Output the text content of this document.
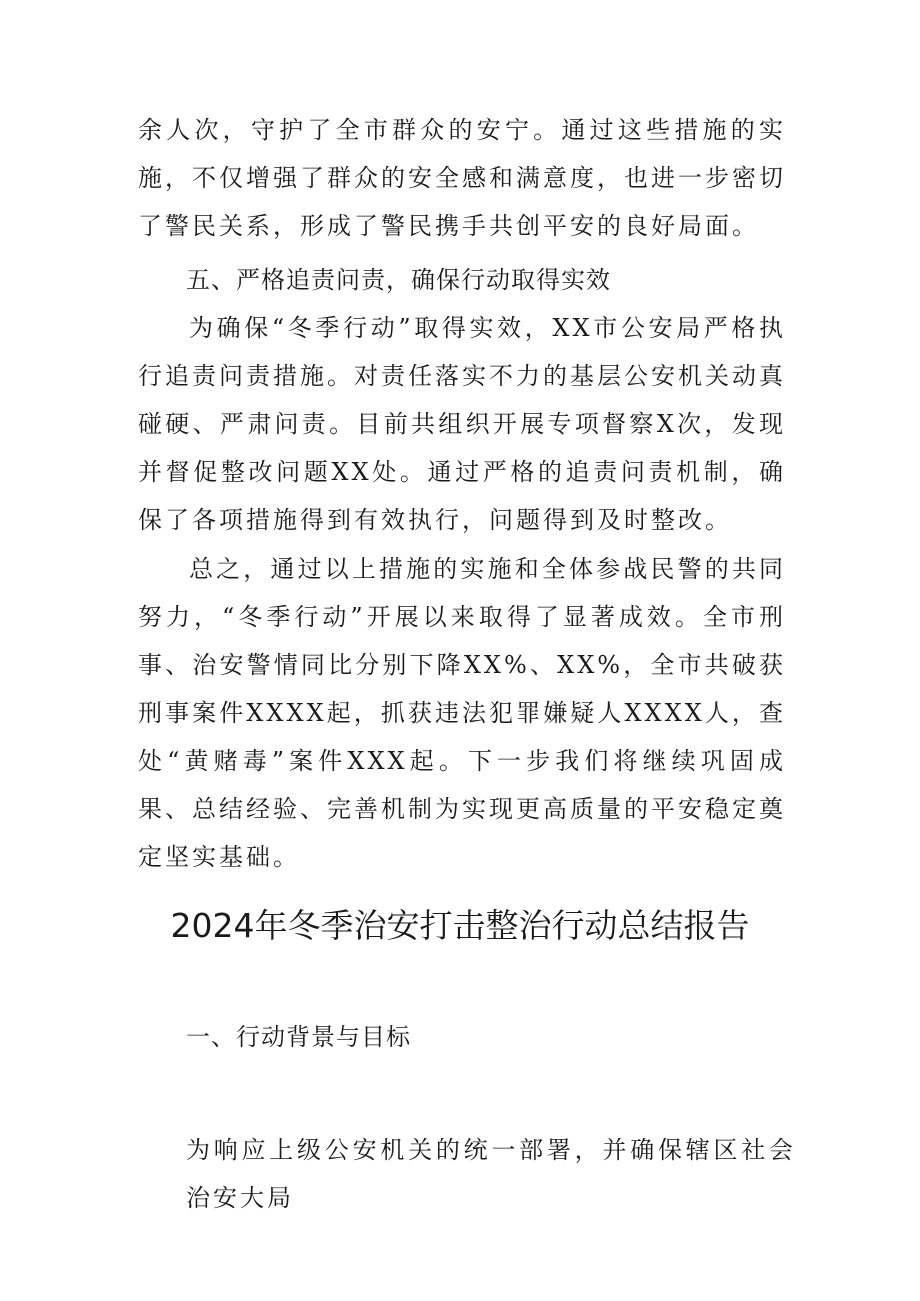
余人次，守护了全市群众的安宁。通过这些措施的实施，不仅增强了群众的安全感和满意度，也进一步密切了警民关系，形成了警民携手共创平安的良好局面。

五、严格追责问责，确保行动取得实效

为确保“冬季行动”取得实效，XX市公安局严格执行追责问责措施。对责任落实不力的基层公安机关动真碰硬、严肃问责。目前共组织开展专项督察X次，发现并督促整改问题XX处。通过严格的追责问责机制，确保了各项措施得到有效执行，问题得到及时整改。

总之，通过以上措施的实施和全体参战民警的共同努力，“冬季行动”开展以来取得了显著成效。全市刑事、治安警情同比分别下降XX%、XX%，全市共破获刑事案件XXXX起，抓获违法犯罪嫌疑人XXXX人，查处“黄赌毒”案件XXX起。下一步我们将继续巩固成果、总结经验、完善机制为实现更高质量的平安稳定奠定坚实基础。

2024年冬季治安打击整治行动总结报告
一、行动背景与目标

为响应上级公安机关的统一部署，并确保辖区社会治安大局
